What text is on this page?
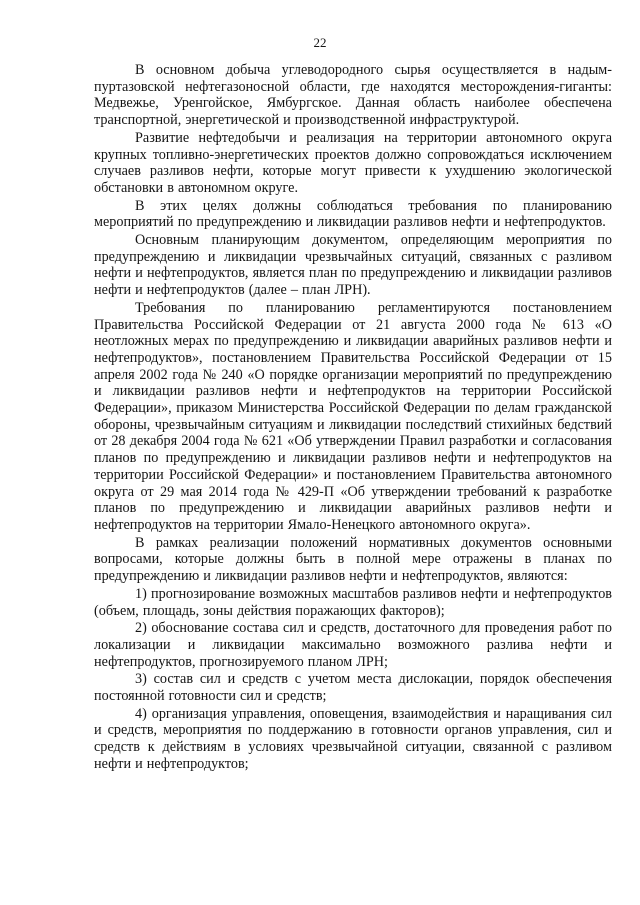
22

В основном добыча углеводородного сырья осуществляется в надым-пуртазовской нефтегазоносной области, где находятся месторождения-гиганты: Медвежье, Уренгойское, Ямбургское. Данная область наиболее обеспечена транспортной, энергетической и производственной инфраструктурой.

Развитие нефтедобычи и реализация на территории автономного округа крупных топливно-энергетических проектов должно сопровождаться исключением случаев разливов нефти, которые могут привести к ухудшению экологической обстановки в автономном округе.

В этих целях должны соблюдаться требования по планированию мероприятий по предупреждению и ликвидации разливов нефти и нефтепродуктов.

Основным планирующим документом, определяющим мероприятия по предупреждению и ликвидации чрезвычайных ситуаций, связанных с разливом нефти и нефтепродуктов, является план по предупреждению и ликвидации разливов нефти и нефтепродуктов (далее – план ЛРН).

Требования по планированию регламентируются постановлением Правительства Российской Федерации от 21 августа 2000 года № 613 «О неотложных мерах по предупреждению и ликвидации аварийных разливов нефти и нефтепродуктов», постановлением Правительства Российской Федерации от 15 апреля 2002 года № 240 «О порядке организации мероприятий по предупреждению и ликвидации разливов нефти и нефтепродуктов на территории Российской Федерации», приказом Министерства Российской Федерации по делам гражданской обороны, чрезвычайным ситуациям и ликвидации последствий стихийных бедствий от 28 декабря 2004 года № 621 «Об утверждении Правил разработки и согласования планов по предупреждению и ликвидации разливов нефти и нефтепродуктов на территории Российской Федерации» и постановлением Правительства автономного округа от 29 мая 2014 года № 429-П «Об утверждении требований к разработке планов по предупреждению и ликвидации аварийных разливов нефти и нефтепродуктов на территории Ямало-Ненецкого автономного округа».

В рамках реализации положений нормативных документов основными вопросами, которые должны быть в полной мере отражены в планах по предупреждению и ликвидации разливов нефти и нефтепродуктов, являются:

1) прогнозирование возможных масштабов разливов нефти и нефтепродуктов (объем, площадь, зоны действия поражающих факторов);

2) обоснование состава сил и средств, достаточного для проведения работ по локализации и ликвидации максимально возможного разлива нефти и нефтепродуктов, прогнозируемого планом ЛРН;

3) состав сил и средств с учетом места дислокации, порядок обеспечения постоянной готовности сил и средств;

4) организация управления, оповещения, взаимодействия и наращивания сил и средств, мероприятия по поддержанию в готовности органов управления, сил и средств к действиям в условиях чрезвычайной ситуации, связанной с разливом нефти и нефтепродуктов;
